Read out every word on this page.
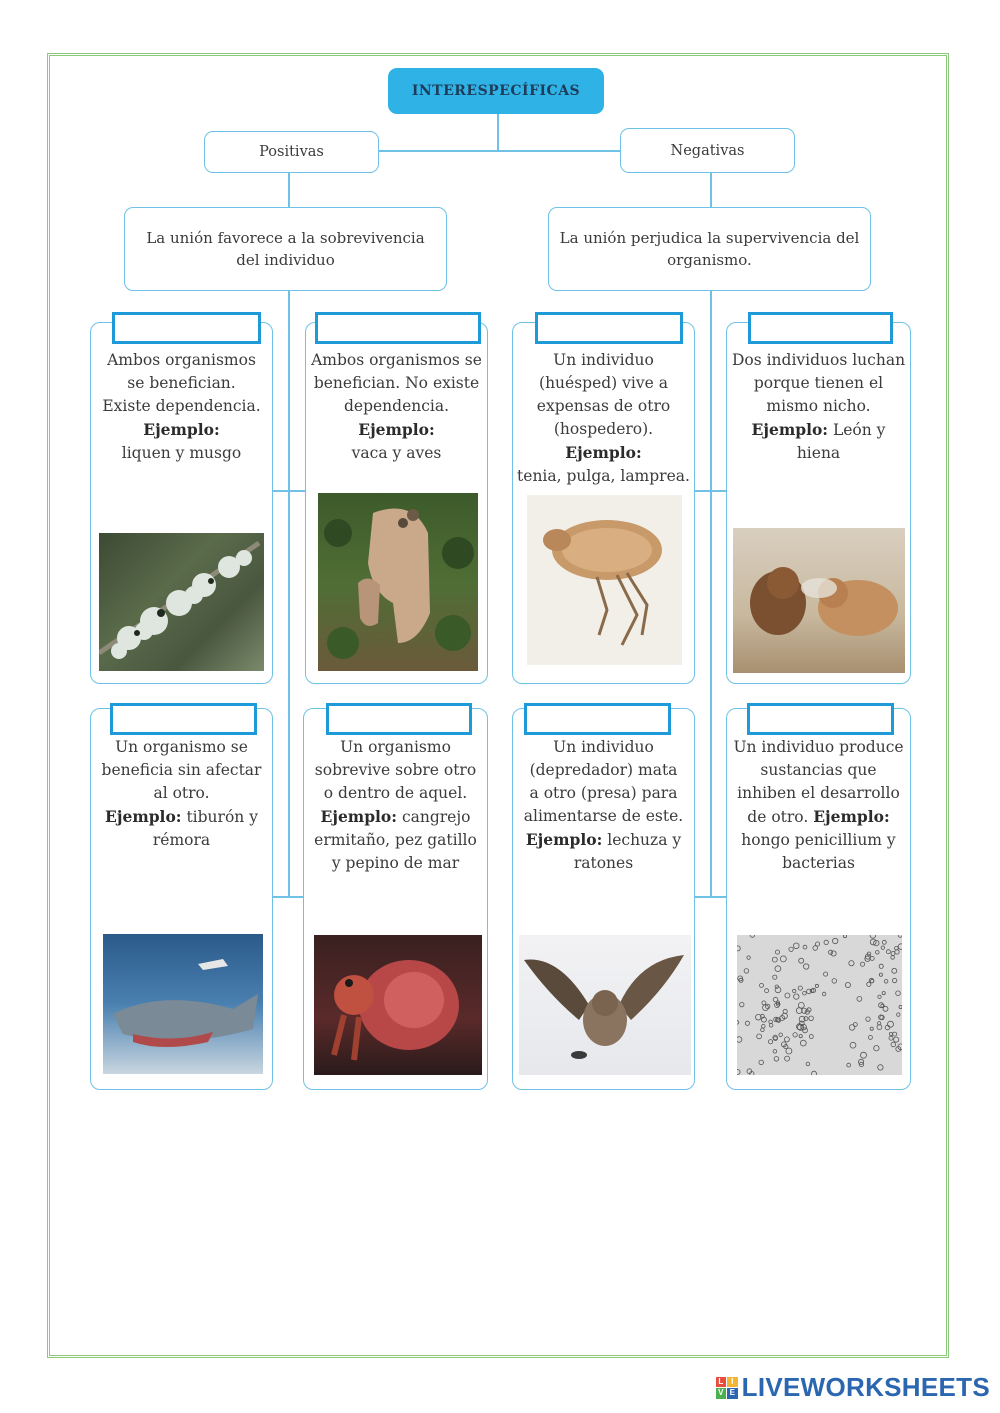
INTERESPECÍFICAS
Positivas	Negativas
La unión favorece a la sobrevivencia del individuo
La unión perjudica la supervivencia del organismo.
Ambos organismos
se benefician.
Existe dependencia.
Ejemplo:
liquen y musgo
Ambos organismos se
benefician. No existe
dependencia.
Ejemplo:
vaca y aves
Un individuo
(huésped) vive a
expensas de otro
(hospedero).
Ejemplo:
tenia, pulga, lamprea.
Dos individuos luchan
porque tienen el
mismo nicho.
Ejemplo: León y
hiena
Un organismo se
beneficia sin afectar
al otro.
Ejemplo: tiburón y
rémora
Un organismo
sobrevive sobre otro
o dentro de aquel.
Ejemplo: cangrejo
ermitaño, pez gatillo
y pepino de mar
Un individuo
(depredador) mata
a otro (presa) para
alimentarse de este.
Ejemplo: lechuza y
ratones
Un individuo produce
sustancias que
inhiben el desarrollo
de otro. Ejemplo:
hongo penicillium y
bacterias
L I
V E LIVEWORKSHEETS
